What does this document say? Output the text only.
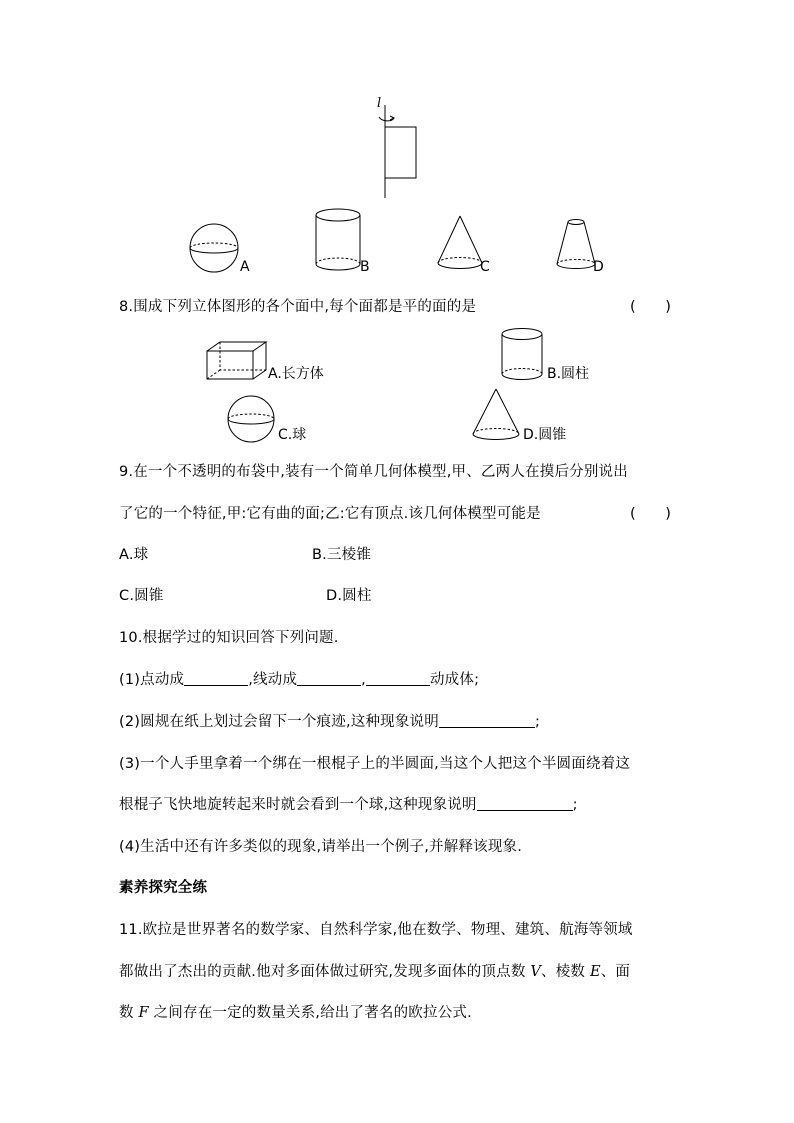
l
A	B	C	D
8.围成下列立体图形的各个面中,每个面都是平的面的是	(　　)
A.长方体	B.圆柱
C.球	D.圆锥
9.在一个不透明的布袋中,装有一个简单几何体模型,甲、乙两人在摸后分别说出
了它的一个特征,甲:它有曲的面;乙:它有顶点.该几何体模型可能是	(　　)
A.球	B.三棱锥
C.圆锥	D.圆柱
10.根据学过的知识回答下列问题.
(1)点动成	,线动成	,	动成体;
(2)圆规在纸上划过会留下一个痕迹,这种现象说明	;
(3)一个人手里拿着一个绑在一根棍子上的半圆面,当这个人把这个半圆面绕着这
根棍子飞快地旋转起来时就会看到一个球,这种现象说明	;
(4)生活中还有许多类似的现象,请举出一个例子,并解释该现象.
素养探究全练
11.欧拉是世界著名的数学家、自然科学家,他在数学、物理、建筑、航海等领域
都做出了杰出的贡献.他对多面体做过研究,发现多面体的顶点数 V、棱数 E、面
数 F 之间存在一定的数量关系,给出了著名的欧拉公式.
